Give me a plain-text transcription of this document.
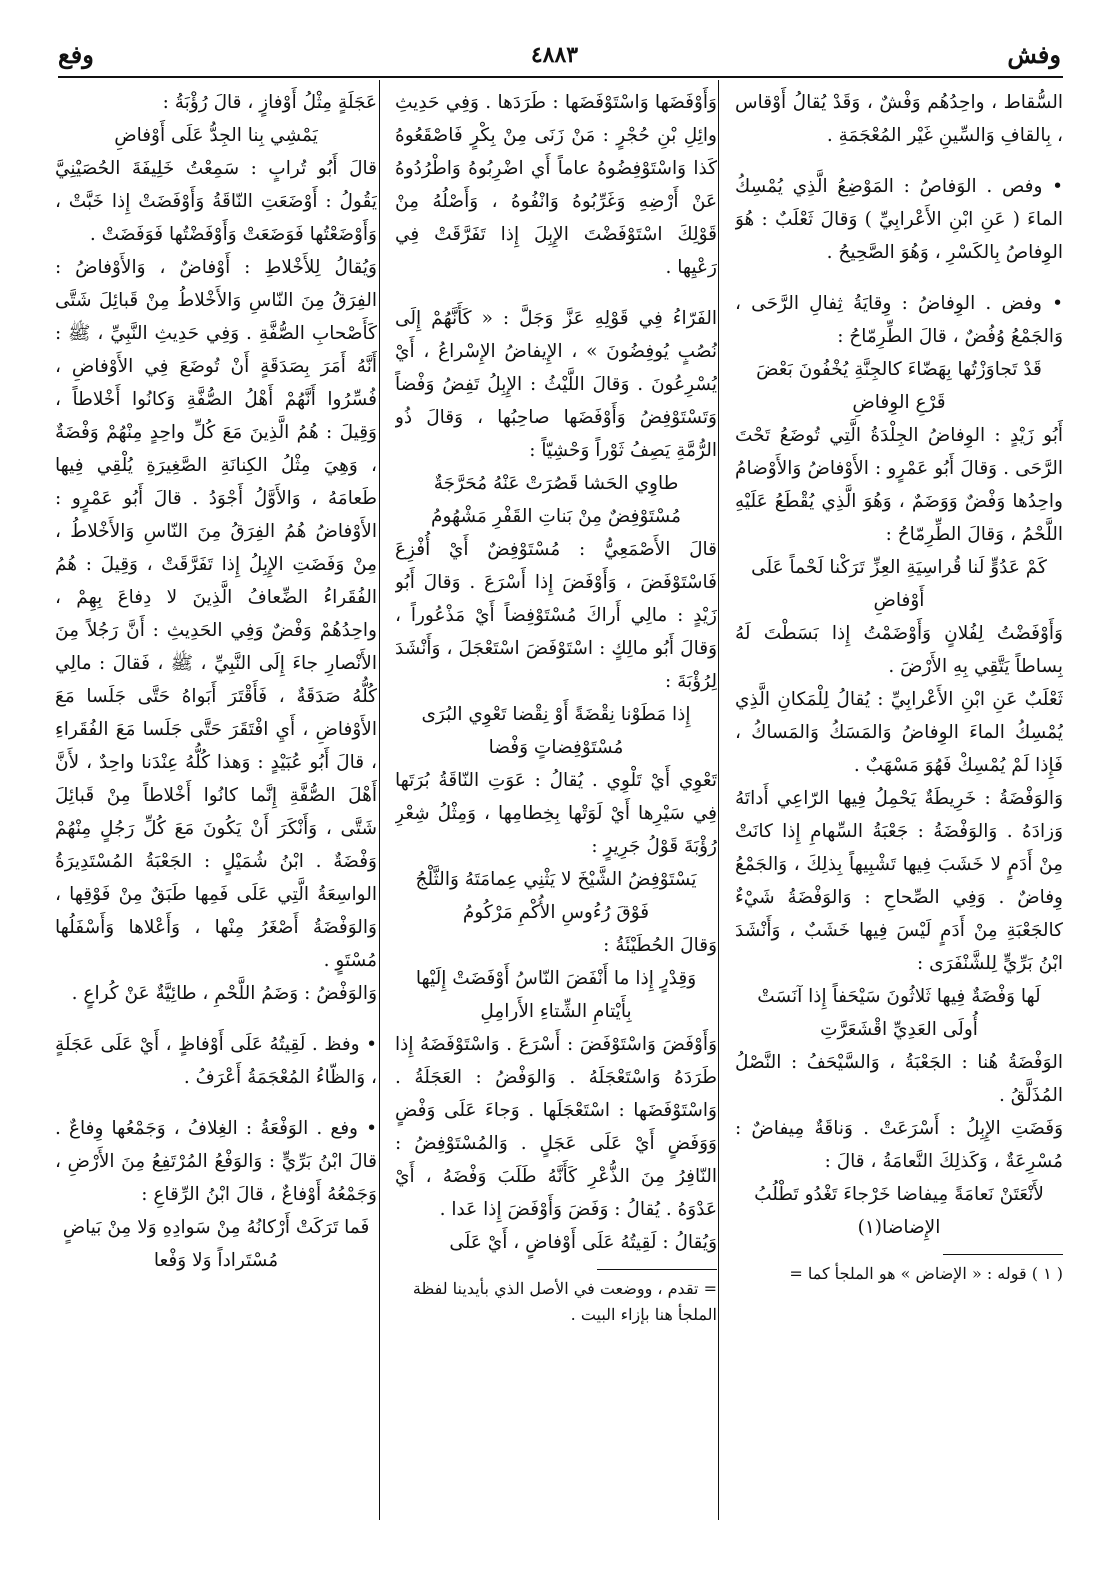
وفش
٤٨٨٣
وفع

السُّقاط ، واحِدُهُم وَفْشٌ ، وَقَدْ يُقالُ أَوْقاس ، بِالقافِ وَالسِّينِ غَيْر المُعْجَمَةِ .

• وفص . الوَفاصُ : المَوْضِعُ الَّذِي يُمْسِكُ الماءَ ( عَنِ ابْنِ الأَعْرابِيِّ ) وَقالَ ثَعْلَبٌ : هُوَ الوِفاصُ بِالكَسْرِ ، وَهُوَ الصَّحِيحُ .

• وفض . الوِفاضُ : وِقايَةُ ثِفالِ الرَّحَى ، وَالجَمْعُ وُفُضٌ ، قالَ الطِّرِمّاحُ :

قَدْ تَجاوَزْتُها بِهَضّاءَ كالجِنَّةِ يُخْفُونَ بَعْضَ قَرْعِ الوِفاضِ

أَبُو زَيْدٍ : الوِفاضُ الجِلْدَةُ الَّتِي تُوضَعُ تَحْتَ الرَّحَى . وَقالَ أَبُو عَمْرٍو : الأَوْفاضُ وَالأَوْضامُ واحِدُها وَفْضٌ وَوَضَمٌ ، وَهُوَ الَّذِي يُقْطَعُ عَلَيْهِ اللَّحْمُ ، وَقالَ الطِّرِمّاحُ :

كَمْ عَدُوٍّ لَنا قُراسِيَةِ العِزِّ تَرَكْنا لَحْماً عَلَى أَوْفاضِ

وَأَوْفَضْتُ لِفُلانٍ وَأَوْضَمْتُ إِذا بَسَطْتَ لَهُ بِساطاً يَتَّقِي بِهِ الأَرْضَ .

ثَعْلَبٌ عَنِ ابْنِ الأَعْرابِيِّ : يُقالُ لِلْمَكانِ الَّذِي يُمْسِكُ الماءَ الوِفاضُ وَالمَسَكُ وَالمَساكُ ، فَإِذا لَمْ يُمْسِكْ فَهُوَ مَسْهَبٌ .

وَالوَفْضَةُ : خَرِيطَةٌ يَحْمِلُ فِيها الرّاعِي أَداتَهُ وَزادَهُ . وَالوَفْضَةُ : جَعْبَةُ السِّهامِ إِذا كانَتْ مِنْ أَدَمٍ لا خَشَبَ فِيها تَشْبِيهاً بِذلِكَ ، وَالجَمْعُ وِفاضٌ . وَفِي الصِّحاحِ : وَالوَفْضَةُ شَيْءٌ كالجَعْبَةِ مِنْ أَدَمٍ لَيْسَ فِيها خَشَبٌ ، وَأَنْشَدَ ابْنُ بَرِّيٍّ لِلشَّنْفَرَى :

لَها وَفْضَةٌ فِيها ثَلاثُونَ سَيْحَفاً إِذا آنَسَتْ أُولَى العَدِيِّ اقْشَعَرَّتِ

الوَفْضَةُ هُنا : الجَعْبَةُ ، وَالسَّيْحَفُ : النَّصْلُ المُذَلَّقُ .

وَفَضَتِ الإِبِلُ : أَسْرَعَتْ . وَناقَةٌ مِيفاضٌ : مُسْرِعَةٌ ، وَكَذلِكَ النَّعامَةُ ، قالَ :

لأَنْعَتَنْ نَعامَةً مِيفاضا خَرْجاءَ تَغْدُو تَطْلُبُ الإِضاضا(١)

( ١ ) قوله : « الإضاض » هو الملجأ كما =

وَأَوْفَضَها وَاسْتَوْفَضَها : طَرَدَها . وَفِي حَدِيثِ وائِلِ بْنِ حُجْرٍ : مَنْ زَنَى مِنْ بِكْرٍ فَاصْقَعُوهُ كَذا وَاسْتَوْفِضُوهُ عاماً أَي اضْرِبُوهُ وَاطْرُدُوهُ عَنْ أَرْضِهِ وَغَرِّبُوهُ وَانْفُوهُ ، وَأَصْلُهُ مِنْ قَوْلِكَ اسْتَوْفَضْتَ الإِبِلَ إِذا تَفَرَّقَتْ فِي رَعْيِها .

الفَرّاءُ فِي قَوْلِهِ عَزَّ وَجَلَّ : « كَأَنَّهُمْ إِلَى نُصُبٍ يُوفِضُونَ » ، الإِيفاضُ الإِسْراعُ ، أَيْ يُسْرِعُونَ . وَقالَ اللَّيْثُ : الإِبِلُ تَفِضُ وَفْضاً وَتَسْتَوْفِضُ وَأَوْفَضَها صاحِبُها ، وَقالَ ذُو الرُّمَّةِ يَصِفُ ثَوْراً وَحْشِيّاً :

طاوِي الحَشا قَصُرَتْ عَنْهُ مُحَرَّجَةٌ مُسْتَوْفِضٌ مِنْ بَناتِ القَفْرِ مَشْهُومُ

قالَ الأَصْمَعِيُّ : مُسْتَوْفِضٌ أَيْ أُفْزِعَ فَاسْتَوْفَضَ ، وَأَوْفَضَ إِذا أَسْرَعَ . وَقالَ أَبُو زَيْدٍ : مالِي أَراكَ مُسْتَوْفِضاً أَيْ مَذْعُوراً ، وَقالَ أَبُو مالِكٍ : اسْتَوْفَضَ اسْتَعْجَلَ ، وَأَنْشَدَ لِرُؤْبَةَ :

إِذا مَطَوْنا نِقْضَةً أَوْ نِقْضا تَعْوِي البُرَى مُسْتَوْفِضاتٍ وَفْضا

تَعْوِي أَيْ تَلْوِي . يُقالُ : عَوَتِ النّاقَةُ بُرَتَها فِي سَيْرِها أَيْ لَوَتْها بِخِطامِها ، وَمِثْلُ شِعْرِ رُؤْبَةَ قَوْلُ جَرِيرٍ :

يَسْتَوْفِضُ الشَّيْخَ لا يَثْنِي عِمامَتَهُ وَالثَّلْجُ فَوْقَ رُءُوسِ الأُكْمِ مَرْكُومُ

وَقالَ الحُطَيْئَةُ :

وَقِدْرٍ إِذا ما أَنْفَضَ النّاسُ أَوْفَضَتْ إِلَيْها بِأَيْتامِ الشِّتاءِ الأَرامِلِ

وَأَوْفَضَ وَاسْتَوْفَضَ : أَسْرَعَ . وَاسْتَوْفَضَهُ إِذا طَرَدَهُ وَاسْتَعْجَلَهُ . وَالوَفْضُ : العَجَلَةُ . وَاسْتَوْفَضَها : اسْتَعْجَلَها . وَجاءَ عَلَى وَفْضٍ وَوَفَضٍ أَيْ عَلَى عَجَلٍ . وَالمُسْتَوْفِضُ : النّافِرُ مِنَ الذُّعْرِ كَأَنَّهُ طَلَبَ وَفْضَهُ ، أَيْ عَدْوَهُ . يُقالُ : وَفَضَ وَأَوْفَضَ إِذا عَدا .

وَيُقالُ : لَقِيتُهُ عَلَى أَوْفاضٍ ، أَيْ عَلَى

= تقدم ، ووضعت في الأصل الذي بأيدينا لفظة الملجأ هنا بإزاء البيت .

عَجَلَةٍ مِثْلُ أَوْفازٍ ، قالَ رُؤْبَةُ :

يَمْشِي بِنا الجِدُّ عَلَى أَوْفاضِ

قالَ أَبُو تُرابٍ : سَمِعْتُ خَلِيفَةَ الحُصَيْنِيَّ يَقُولُ : أَوْضَعَتِ النّاقَةُ وَأَوْفَضَتْ إِذا خَبَّتْ ، وَأَوْضَعْتُها فَوَضَعَتْ وَأَوْفَضْتُها فَوَفَضَتْ .

وَيُقالُ لِلأَخْلاطِ : أَوْفاضٌ ، وَالأَوْفاضُ : الفِرَقُ مِنَ النّاسِ وَالأَخْلاطُ مِنْ قَبائِلَ شَتَّى كَأَصْحابِ الصُّفَّةِ . وَفِي حَدِيثِ النَّبِيِّ ، ﷺ : أَنَّهُ أَمَرَ بِصَدَقَةٍ أَنْ تُوضَعَ فِي الأَوْفاضِ ، فُسِّرُوا أَنَّهُمْ أَهْلُ الصُّفَّةِ وَكانُوا أَخْلاطاً ، وَقِيلَ : هُمُ الَّذِينَ مَعَ كُلِّ واحِدٍ مِنْهُمْ وَفْضَةٌ ، وَهِيَ مِثْلُ الكِنانَةِ الصَّغِيرَةِ يُلْقِي فِيها طَعامَهُ ، وَالأَوَّلُ أَجْوَدُ . قالَ أَبُو عَمْرٍو : الأَوْفاضُ هُمُ الفِرَقُ مِنَ النّاسِ وَالأَخْلاطُ ، مِنْ وَفَضَتِ الإِبِلُ إِذا تَفَرَّقَتْ ، وَقِيلَ : هُمُ الفُقَراءُ الضِّعافُ الَّذِينَ لا دِفاعَ بِهِمْ ، واحِدُهُمْ وَفْضٌ وَفِي الحَدِيثِ : أَنَّ رَجُلاً مِنَ الأَنْصارِ جاءَ إِلَى النَّبِيِّ ، ﷺ ، فَقالَ : مالِي كُلُّهُ صَدَقَةٌ ، فَأَقْتَرَ أَبَواهُ حَتَّى جَلَسا مَعَ الأَوْفاضِ ، أَيِ افْتَقَرَ حَتَّى جَلَسا مَعَ الفُقَراءِ ، قالَ أَبُو عُبَيْدٍ : وَهذا كُلُّهُ عِنْدَنا واحِدٌ ، لأَنَّ أَهْلَ الصُّفَّةِ إِنَّما كانُوا أَخْلاطاً مِنْ قَبائِلَ شَتَّى ، وَأَنْكَرَ أَنْ يَكُونَ مَعَ كُلِّ رَجُلٍ مِنْهُمْ وَفْضَةٌ . ابْنُ شُمَيْلٍ : الجَعْبَةُ المُسْتَدِيرَةُ الواسِعَةُ الَّتِي عَلَى فَمِها طَبَقٌ مِنْ فَوْقِها ، وَالوَفْضَةُ أَصْغَرُ مِنْها ، وَأَعْلاها وَأَسْفَلُها مُسْتَوٍ .

وَالوَفْضُ : وَضَمُ اللَّحْمِ ، طائِيَّةٌ عَنْ كُراعٍ .

• وفظ . لَقِيتُهُ عَلَى أَوْفاظٍ ، أَيْ عَلَى عَجَلَةٍ ، وَالظّاءُ المُعْجَمَةُ أَعْرَفُ .

• وفع . الوَفْعَةُ : الغِلافُ ، وَجَمْعُها وِفاعٌ . قالَ ابْنُ بَرِّيٍّ : وَالوَفْعُ المُرْتَفِعُ مِنَ الأَرْضِ ، وَجَمْعُهُ أَوْفاعٌ ، قالَ ابْنُ الرِّقاعِ :

فَما تَرَكَتْ أَرْكانُهُ مِنْ سَوادِهِ وَلا مِنْ بَياضٍ مُسْتَراداً وَلا وَفْعا
